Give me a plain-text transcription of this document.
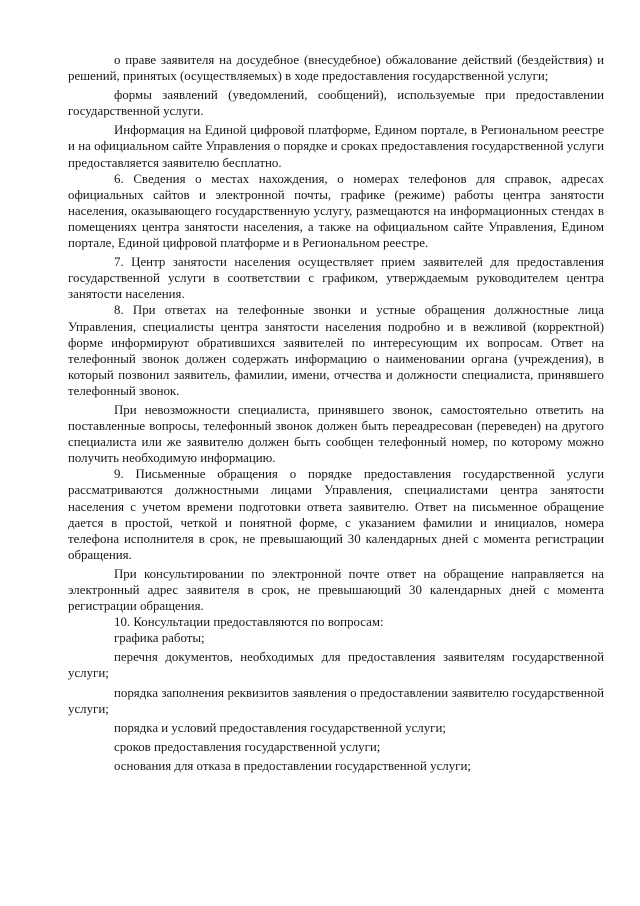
о праве заявителя на досудебное (внесудебное) обжалование действий (бездействия) и решений, принятых (осуществляемых) в ходе предоставления государственной услуги;

формы заявлений (уведомлений, сообщений), используемые при предоставлении государственной услуги.

Информация на Единой цифровой платформе, Едином портале, в Региональном реестре и на официальном сайте Управления о порядке и сроках предоставления государственной услуги предоставляется заявителю бесплатно.

6. Сведения о местах нахождения, о номерах телефонов для справок, адресах официальных сайтов и электронной почты, графике (режиме) работы центра занятости населения, оказывающего государственную услугу, размещаются на информационных стендах в помещениях центра занятости населения, а также на официальном сайте Управления, Едином портале, Единой цифровой платформе и в Региональном реестре.

7. Центр занятости населения осуществляет прием заявителей для предоставления государственной услуги в соответствии с графиком, утверждаемым руководителем центра занятости населения.

8. При ответах на телефонные звонки и устные обращения должностные лица Управления, специалисты центра занятости населения подробно и в вежливой (корректной) форме информируют обратившихся заявителей по интересующим их вопросам. Ответ на телефонный звонок должен содержать информацию о наименовании органа (учреждения), в который позвонил заявитель, фамилии, имени, отчества и должности специалиста, принявшего телефонный звонок.

При невозможности специалиста, принявшего звонок, самостоятельно ответить на поставленные вопросы, телефонный звонок должен быть переадресован (переведен) на другого специалиста или же заявителю должен быть сообщен телефонный номер, по которому можно получить необходимую информацию.

9. Письменные обращения о порядке предоставления государственной услуги рассматриваются должностными лицами Управления, специалистами центра занятости населения с учетом времени подготовки ответа заявителю. Ответ на письменное обращение дается в простой, четкой и понятной форме, с указанием фамилии и инициалов, номера телефона исполнителя в срок, не превышающий 30 календарных дней с момента регистрации обращения.

При консультировании по электронной почте ответ на обращение направляется на электронный адрес заявителя в срок, не превышающий 30 календарных дней с момента регистрации обращения.

10. Консультации предоставляются по вопросам:

графика работы;

перечня документов, необходимых для предоставления заявителям государственной услуги;

порядка заполнения реквизитов заявления о предоставлении заявителю государственной услуги;

порядка и условий предоставления государственной услуги;

сроков предоставления государственной услуги;

основания для отказа в предоставлении государственной услуги;
